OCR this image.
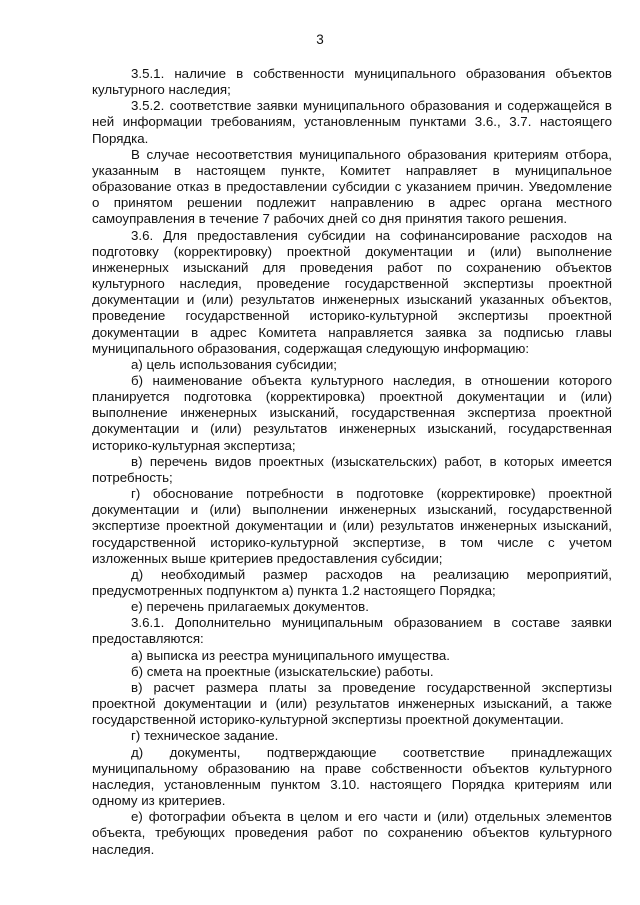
3

3.5.1. наличие в собственности муниципального образования объектов культурного наследия;

3.5.2. соответствие заявки муниципального образования и содержащейся в ней информации требованиям, установленным пунктами 3.6., 3.7. настоящего Порядка.

В случае несоответствия муниципального образования критериям отбора, указанным в настоящем пункте, Комитет направляет в муниципальное образование отказ в предоставлении субсидии с указанием причин. Уведомление о принятом решении подлежит направлению в адрес органа местного самоуправления в течение 7 рабочих дней со дня принятия такого решения.

3.6. Для предоставления субсидии на софинансирование расходов на подготовку (корректировку) проектной документации и (или) выполнение инженерных изысканий для проведения работ по сохранению объектов культурного наследия, проведение государственной экспертизы проектной документации и (или) результатов инженерных изысканий указанных объектов, проведение государственной историко-культурной экспертизы проектной документации в адрес Комитета направляется заявка за подписью главы муниципального образования, содержащая следующую информацию:

а) цель использования субсидии;

б) наименование объекта культурного наследия, в отношении которого планируется подготовка (корректировка) проектной документации и (или) выполнение инженерных изысканий, государственная экспертиза проектной документации и (или) результатов инженерных изысканий, государственная историко-культурная экспертиза;

в) перечень видов проектных (изыскательских) работ, в которых имеется потребность;

г) обоснование потребности в подготовке (корректировке) проектной документации и (или) выполнении инженерных изысканий, государственной экспертизе проектной документации и (или) результатов инженерных изысканий, государственной историко-культурной экспертизе, в том числе с учетом изложенных выше критериев предоставления субсидии;

д) необходимый размер расходов на реализацию мероприятий, предусмотренных подпунктом а) пункта 1.2 настоящего Порядка;

е) перечень прилагаемых документов.

3.6.1. Дополнительно муниципальным образованием в составе заявки предоставляются:

а) выписка из реестра муниципального имущества.

б) смета на проектные (изыскательские) работы.

в) расчет размера платы за проведение государственной экспертизы проектной документации и (или) результатов инженерных изысканий, а также государственной историко-культурной экспертизы проектной документации.

г) техническое задание.

д) документы, подтверждающие соответствие принадлежащих муниципальному образованию на праве собственности объектов культурного наследия, установленным пунктом 3.10. настоящего Порядка критериям или одному из критериев.

е) фотографии объекта в целом и его части и (или) отдельных элементов объекта, требующих проведения работ по сохранению объектов культурного наследия.
